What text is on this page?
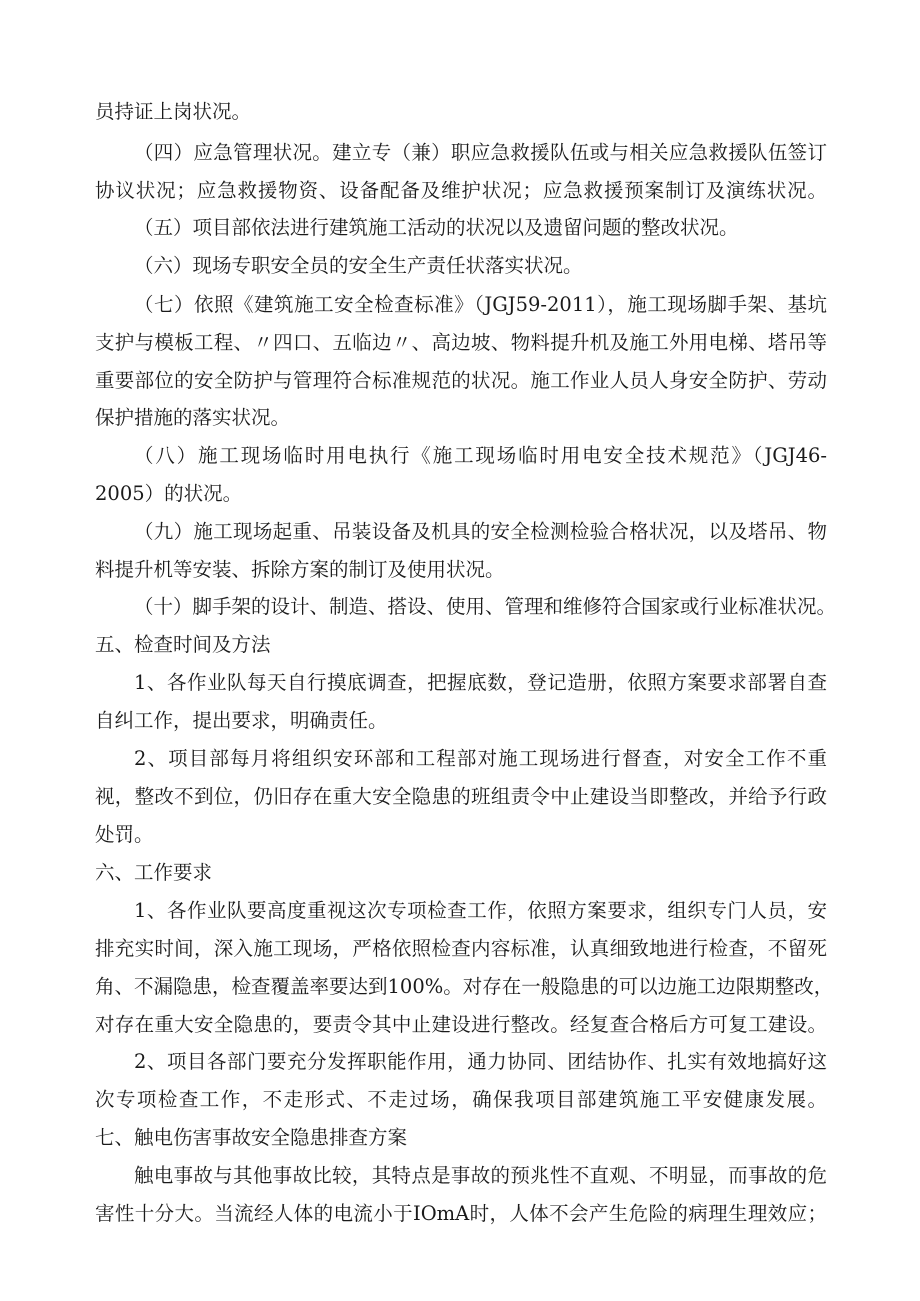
员持证上岗状况。

（四）应急管理状况。建立专（兼）职应急救援队伍或与相关应急救援队伍签订

协议状况；应急救援物资、设备配备及维护状况；应急救援预案制订及演练状况。

（五）项目部依法进行建筑施工活动的状况以及遗留问题的整改状况。

（六）现场专职安全员的安全生产责任状落实状况。

（七）依照《建筑施工安全检查标准》（JGJ59-2011），施工现场脚手架、基坑

支护与模板工程、〃四口、五临边〃、高边坡、物料提升机及施工外用电梯、塔吊等

重要部位的安全防护与管理符合标准规范的状况。施工作业人员人身安全防护、劳动

保护措施的落实状况。

（八）施工现场临时用电执行《施工现场临时用电安全技术规范》（JGJ46-

2005）的状况。

（九）施工现场起重、吊装设备及机具的安全检测检验合格状况，以及塔吊、物

料提升机等安装、拆除方案的制订及使用状况。

（十）脚手架的设计、制造、搭设、使用、管理和维修符合国家或行业标准状况。

五、检查时间及方法

1、各作业队每天自行摸底调查，把握底数，登记造册，依照方案要求部署自查

自纠工作，提出要求，明确责任。

2、项目部每月将组织安环部和工程部对施工现场进行督查，对安全工作不重

视，整改不到位，仍旧存在重大安全隐患的班组责令中止建设当即整改，并给予行政

处罚。

六、工作要求

1、各作业队要高度重视这次专项检查工作，依照方案要求，组织专门人员，安

排充实时间，深入施工现场，严格依照检查内容标准，认真细致地进行检查，不留死

角、不漏隐患，检查覆盖率要达到100%。对存在一般隐患的可以边施工边限期整改，

对存在重大安全隐患的，要责令其中止建设进行整改。经复查合格后方可复工建设。

2、项目各部门要充分发挥职能作用，通力协同、团结协作、扎实有效地搞好这

次专项检查工作，不走形式、不走过场，确保我项目部建筑施工平安健康发展。

七、触电伤害事故安全隐患排查方案

触电事故与其他事故比较，其特点是事故的预兆性不直观、不明显，而事故的危

害性十分大。当流经人体的电流小于IOmA时，人体不会产生危险的病理生理效应；
